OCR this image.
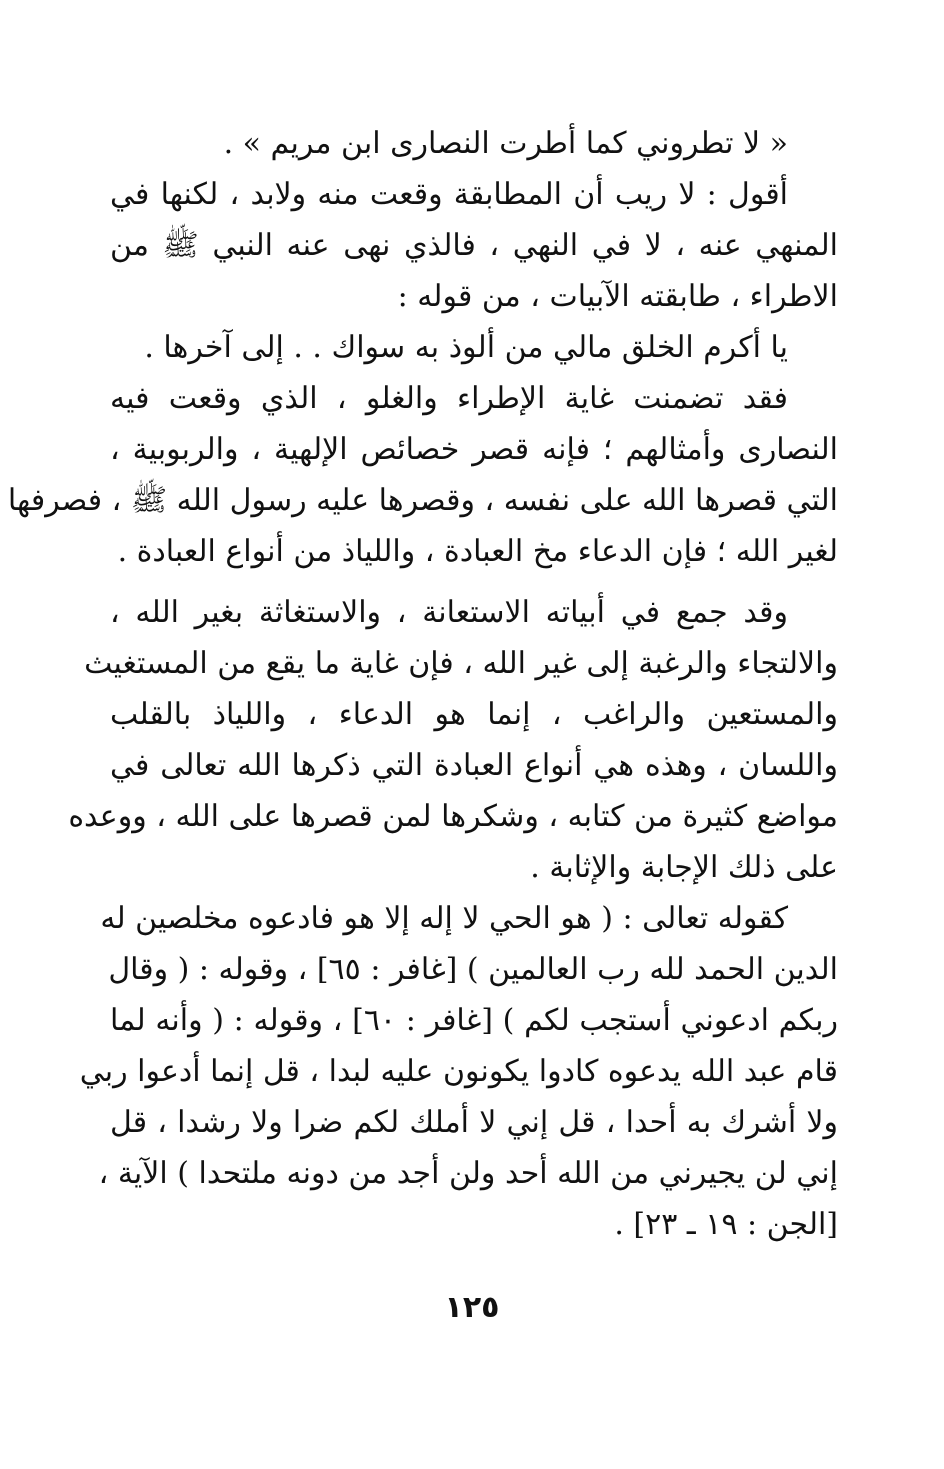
« لا تطروني كما أطرت النصارى ابن مريم » .
أقول : لا ريب أن المطابقة وقعت منه ولابد ، لكنها في
المنهي عنه ، لا في النهي ، فالذي نهى عنه النبي ﷺ من
الاطراء ، طابقته الآبيات ، من قوله :
يا أكرم الخلق مالي من ألوذ به سواك . . إلى آخرها .
فقد تضمنت غاية الإطراء والغلو ، الذي وقعت فيه
النصارى وأمثالهم ؛ فإنه قصر خصائص الإلهية ، والربوبية ،
التي قصرها الله على نفسه ، وقصرها عليه رسول الله ﷺ ، فصرفها
لغير الله ؛ فإن الدعاء مخ العبادة ، واللياذ من أنواع العبادة .
وقد جمع في أبياته الاستعانة ، والاستغاثة بغير الله ،
والالتجاء والرغبة إلى غير الله ، فإن غاية ما يقع من المستغيث
والمستعين والراغب ، إنما هو الدعاء ، واللياذ بالقلب
واللسان ، وهذه هي أنواع العبادة التي ذكرها الله تعالى في
مواضع كثيرة من كتابه ، وشكرها لمن قصرها على الله ، ووعده
على ذلك الإجابة والإثابة .
كقوله تعالى : ( هو الحي لا إله إلا هو فادعوه مخلصين له
الدين الحمد لله رب العالمين ) [غافر : ٦٥] ، وقوله : ( وقال
ربكم ادعوني أستجب لكم ) [غافر : ٦٠] ، وقوله : ( وأنه لما
قام عبد الله يدعوه كادوا يكونون عليه لبدا ، قل إنما أدعوا ربي
ولا أشرك به أحدا ، قل إني لا أملك لكم ضرا ولا رشدا ، قل
إني لن يجيرني من الله أحد ولن أجد من دونه ملتحدا ) الآية ،
[الجن : ١٩ ـ ٢٣] .
١٢٥
